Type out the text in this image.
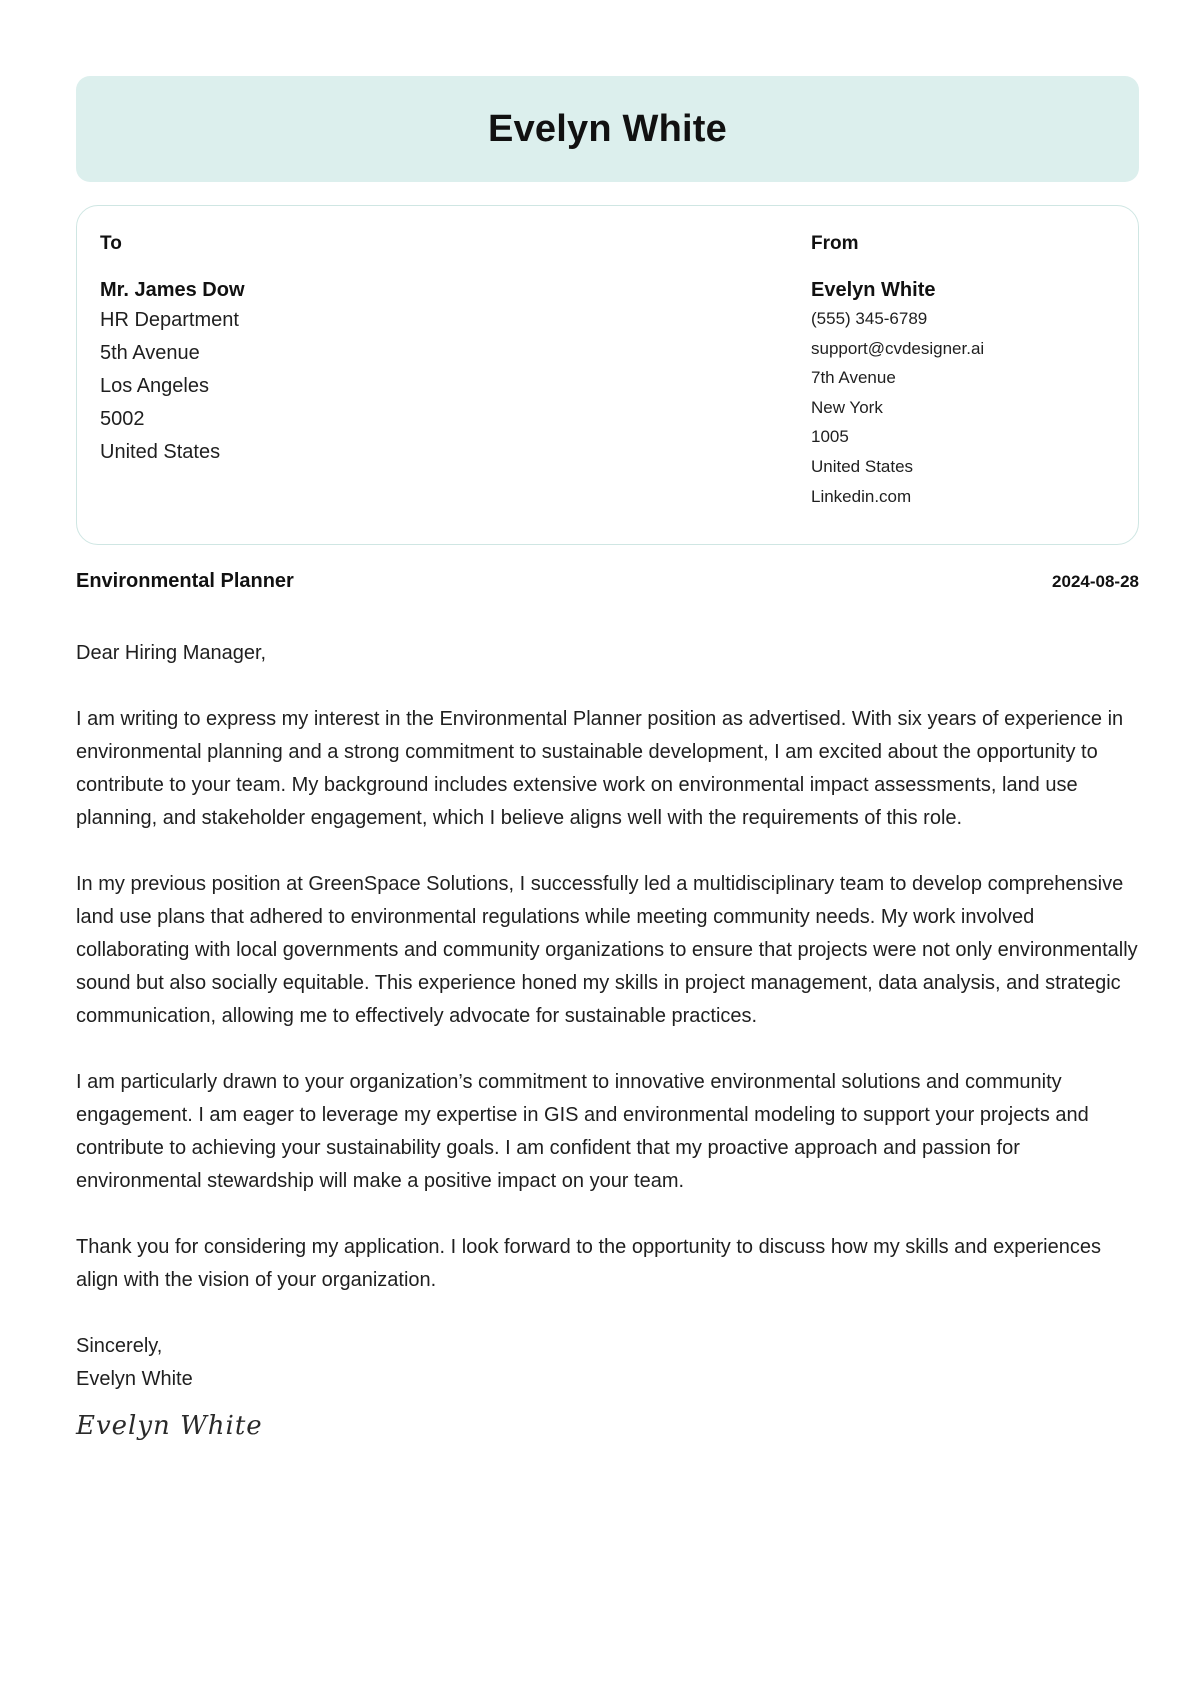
Evelyn White
To
Mr. James Dow
HR Department
5th Avenue
Los Angeles
5002
United States
From
Evelyn White
(555) 345-6789
support@cvdesigner.ai
7th Avenue
New York
1005
United States
Linkedin.com
Environmental Planner	2024-08-28

Dear Hiring Manager,

I am writing to express my interest in the Environmental Planner position as advertised. With six years of experience in environmental planning and a strong commitment to sustainable development, I am excited about the opportunity to contribute to your team. My background includes extensive work on environmental impact assessments, land use planning, and stakeholder engagement, which I believe aligns well with the requirements of this role.

In my previous position at GreenSpace Solutions, I successfully led a multidisciplinary team to develop comprehensive land use plans that adhered to environmental regulations while meeting community needs. My work involved collaborating with local governments and community organizations to ensure that projects were not only environmentally sound but also socially equitable. This experience honed my skills in project management, data analysis, and strategic communication, allowing me to effectively advocate for sustainable practices.

I am particularly drawn to your organization’s commitment to innovative environmental solutions and community engagement. I am eager to leverage my expertise in GIS and environmental modeling to support your projects and contribute to achieving your sustainability goals. I am confident that my proactive approach and passion for environmental stewardship will make a positive impact on your team.

Thank you for considering my application. I look forward to the opportunity to discuss how my skills and experiences align with the vision of your organization.

Sincerely,

Evelyn White

Evelyn White
